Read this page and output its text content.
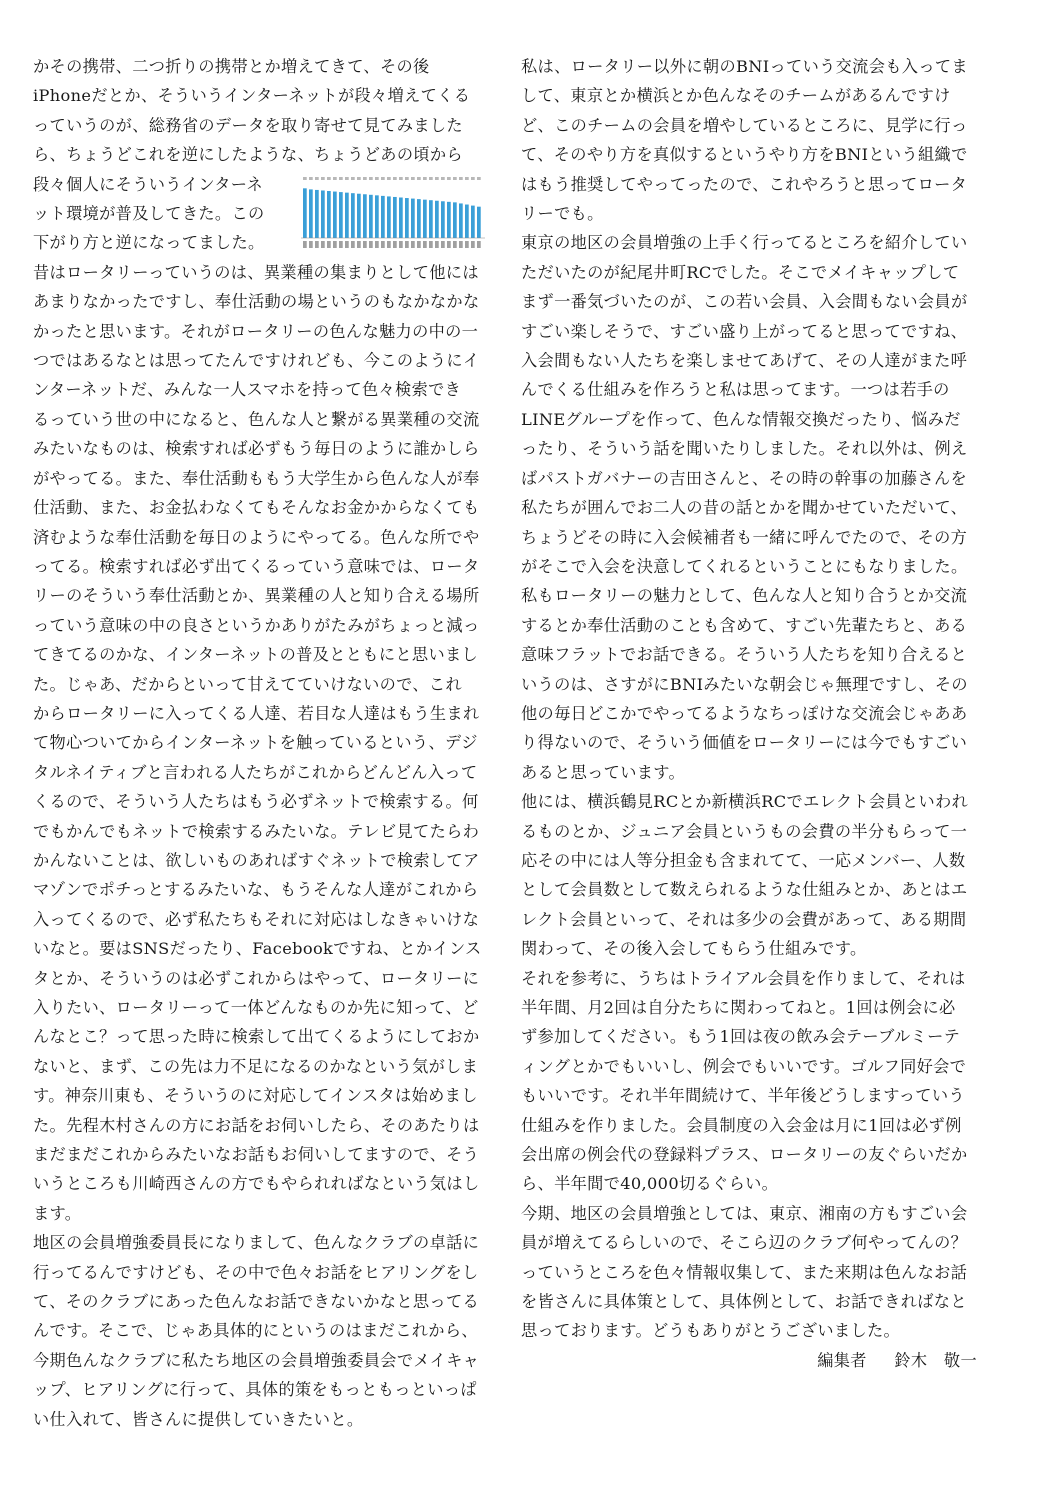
かその携帯、二つ折りの携帯とか増えてきて、その後
iPhoneだとか、そういうインターネットが段々増えてくる
っていうのが、総務省のデータを取り寄せて見てみました
ら、ちょうどこれを逆にしたような、ちょうどあの頃から
段々個人にそういうインターネ
ット環境が普及してきた。この
下がり方と逆になってました。

昔はロータリーっていうのは、異業種の集まりとして他には
あまりなかったですし、奉仕活動の場というのもなかなかな
かったと思います。それがロータリーの色んな魅力の中の一
つではあるなとは思ってたんですけれども、今このようにイ
ンターネットだ、みんな一人スマホを持って色々検索でき
るっていう世の中になると、色んな人と繋がる異業種の交流
みたいなものは、検索すれば必ずもう毎日のように誰かしら
がやってる。また、奉仕活動ももう大学生から色んな人が奉
仕活動、また、お金払わなくてもそんなお金かからなくても
済むような奉仕活動を毎日のようにやってる。色んな所でや
ってる。検索すれば必ず出てくるっていう意味では、ロータ
リーのそういう奉仕活動とか、異業種の人と知り合える場所
っていう意味の中の良さというかありがたみがちょっと減っ
てきてるのかな、インターネットの普及とともにと思いまし
た。じゃあ、だからといって甘えてていけないので、これ
からロータリーに入ってくる人達、若目な人達はもう生まれ
て物心ついてからインターネットを触っているという、デジ
タルネイティブと言われる人たちがこれからどんどん入って
くるので、そういう人たちはもう必ずネットで検索する。何
でもかんでもネットで検索するみたいな。テレビ見てたらわ
かんないことは、欲しいものあればすぐネットで検索してア
マゾンでポチっとするみたいな、もうそんな人達がこれから
入ってくるので、必ず私たちもそれに対応はしなきゃいけな
いなと。要はSNSだったり、Facebookですね、とかインス
タとか、そういうのは必ずこれからはやって、ロータリーに
入りたい、ロータリーって一体どんなものか先に知って、ど
んなとこ？って思った時に検索して出てくるようにしておか
ないと、まず、この先は力不足になるのかなという気がしま
す。神奈川東も、そういうのに対応してインスタは始めまし
た。先程木村さんの方にお話をお伺いしたら、そのあたりは
まだまだこれからみたいなお話もお伺いしてますので、そう
いうところも川崎西さんの方でもやられればなという気はし
ます。

地区の会員増強委員長になりまして、色んなクラブの卓話に
行ってるんですけども、その中で色々お話をヒアリングをし
て、そのクラブにあった色んなお話できないかなと思ってる
んです。そこで、じゃあ具体的にというのはまだこれから、
今期色んなクラブに私たち地区の会員増強委員会でメイキャ
ップ、ヒアリングに行って、具体的策をもっともっといっぱ
い仕入れて、皆さんに提供していきたいと。

私は、ロータリー以外に朝のBNIっていう交流会も入ってま
して、東京とか横浜とか色んなそのチームがあるんですけ
ど、このチームの会員を増やしているところに、見学に行っ
て、そのやり方を真似するというやり方をBNIという組織で
はもう推奨してやってったので、これやろうと思ってロータ
リーでも。

東京の地区の会員増強の上手く行ってるところを紹介してい
ただいたのが紀尾井町RCでした。そこでメイキャップして
まず一番気づいたのが、この若い会員、入会間もない会員が
すごい楽しそうで、すごい盛り上がってると思ってですね、
入会間もない人たちを楽しませてあげて、その人達がまた呼
んでくる仕組みを作ろうと私は思ってます。一つは若手の
LINEグループを作って、色んな情報交換だったり、悩みだ
ったり、そういう話を聞いたりしました。それ以外は、例え
ばパストガバナーの吉田さんと、その時の幹事の加藤さんを
私たちが囲んでお二人の昔の話とかを聞かせていただいて、
ちょうどその時に入会候補者も一緒に呼んでたので、その方
がそこで入会を決意してくれるということにもなりました。
私もロータリーの魅力として、色んな人と知り合うとか交流
するとか奉仕活動のことも含めて、すごい先輩たちと、ある
意味フラットでお話できる。そういう人たちを知り合えると
いうのは、さすがにBNIみたいな朝会じゃ無理ですし、その
他の毎日どこかでやってるようなちっぽけな交流会じゃああ
り得ないので、そういう価値をロータリーには今でもすごい
あると思っています。

他には、横浜鶴見RCとか新横浜RCでエレクト会員といわれ
るものとか、ジュニア会員というもの会費の半分もらって一
応その中には人等分担金も含まれてて、一応メンバー、人数
として会員数として数えられるような仕組みとか、あとはエ
レクト会員といって、それは多少の会費があって、ある期間
関わって、その後入会してもらう仕組みです。

それを参考に、うちはトライアル会員を作りまして、それは
半年間、月2回は自分たちに関わってねと。1回は例会に必
ず参加してください。もう1回は夜の飲み会テーブルミーテ
ィングとかでもいいし、例会でもいいです。ゴルフ同好会で
もいいです。それ半年間続けて、半年後どうしますっていう
仕組みを作りました。会員制度の入会金は月に1回は必ず例
会出席の例会代の登録料プラス、ロータリーの友ぐらいだか
ら、半年間で40,000切るぐらい。

今期、地区の会員増強としては、東京、湘南の方もすごい会
員が増えてるらしいので、そこら辺のクラブ何やってんの？
っていうところを色々情報収集して、また来期は色んなお話
を皆さんに具体策として、具体例として、お話できればなと
思っております。どうもありがとうございました。

編集者 鈴木　敬一
